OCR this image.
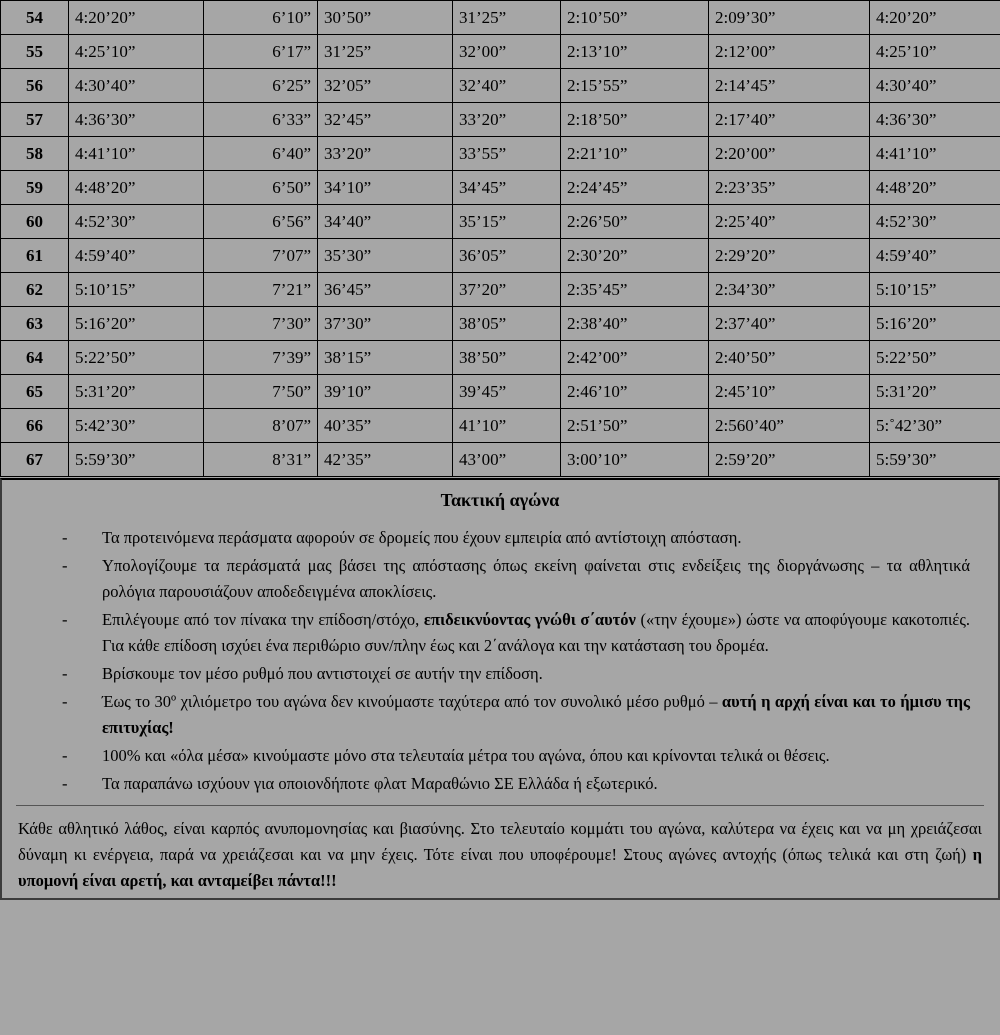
54	4:20’20”	6’10”	30’50”	31’25”	2:10’50”	2:09’30”	4:20’20”
55	4:25’10”	6’17”	31’25”	32’00”	2:13’10”	2:12’00”	4:25’10”
56	4:30’40”	6’25”	32’05”	32’40”	2:15’55”	2:14’45”	4:30’40”
57	4:36’30”	6’33”	32’45”	33’20”	2:18’50”	2:17’40”	4:36’30”
58	4:41’10”	6’40”	33’20”	33’55”	2:21’10”	2:20’00”	4:41’10”
59	4:48’20”	6’50”	34’10”	34’45”	2:24’45”	2:23’35”	4:48’20”
60	4:52’30”	6’56”	34’40”	35’15”	2:26’50”	2:25’40”	4:52’30”
61	4:59’40”	7’07”	35’30”	36’05”	2:30’20”	2:29’20”	4:59’40”
62	5:10’15”	7’21”	36’45”	37’20”	2:35’45”	2:34’30”	5:10’15”
63	5:16’20”	7’30”	37’30”	38’05”	2:38’40”	2:37’40”	5:16’20”
64	5:22’50”	7’39”	38’15”	38’50”	2:42’00”	2:40’50”	5:22’50”
65	5:31’20”	7’50”	39’10”	39’45”	2:46’10”	2:45’10”	5:31’20”
66	5:42’30”	8’07”	40’35”	41’10”	2:51’50”	2:560’40”	5:˚42’30”
67	5:59’30”	8’31”	42’35”	43’00”	3:00’10”	2:59’20”	5:59’30”
Τακτική αγώνα
- Τα προτεινόμενα περάσματα αφορούν σε δρομείς που έχουν εμπειρία από αντίστοιχη απόσταση.
- Υπολογίζουμε τα περάσματά μας βάσει της απόστασης όπως εκείνη φαίνεται στις ενδείξεις της διοργάνωσης – τα αθλητικά ρολόγια παρουσιάζουν αποδεδειγμένα αποκλίσεις.
- Επιλέγουμε από τον πίνακα την επίδοση/στόχο, επιδεικνύοντας γνώθι σ΄αυτόν («την έχουμε») ώστε να αποφύγουμε κακοτοπιές. Για κάθε επίδοση ισχύει ένα περιθώριο συν/πλην έως και 2΄ανάλογα και την κατάσταση του δρομέα.
- Βρίσκουμε τον μέσο ρυθμό που αντιστοιχεί σε αυτήν την επίδοση.
- Έως το 30º χιλιόμετρο του αγώνα δεν κινούμαστε ταχύτερα από τον συνολικό μέσο ρυθμό – αυτή η αρχή είναι και το ήμισυ της επιτυχίας!
- 100% και «όλα μέσα» κινούμαστε μόνο στα τελευταία μέτρα του αγώνα, όπου και κρίνονται τελικά οι θέσεις.
- Τα παραπάνω ισχύουν για οποιονδήποτε φλατ Μαραθώνιο ΣΕ Ελλάδα ή εξωτερικό.
Κάθε αθλητικό λάθος, είναι καρπός ανυπομονησίας και βιασύνης. Στο τελευταίο κομμάτι του αγώνα, καλύτερα να έχεις και να μη χρειάζεσαι δύναμη κι ενέργεια, παρά να χρειάζεσαι και να μην έχεις. Τότε είναι που υποφέρουμε! Στους αγώνες αντοχής (όπως τελικά και στη ζωή) η υπομονή είναι αρετή, και ανταμείβει πάντα!!!
